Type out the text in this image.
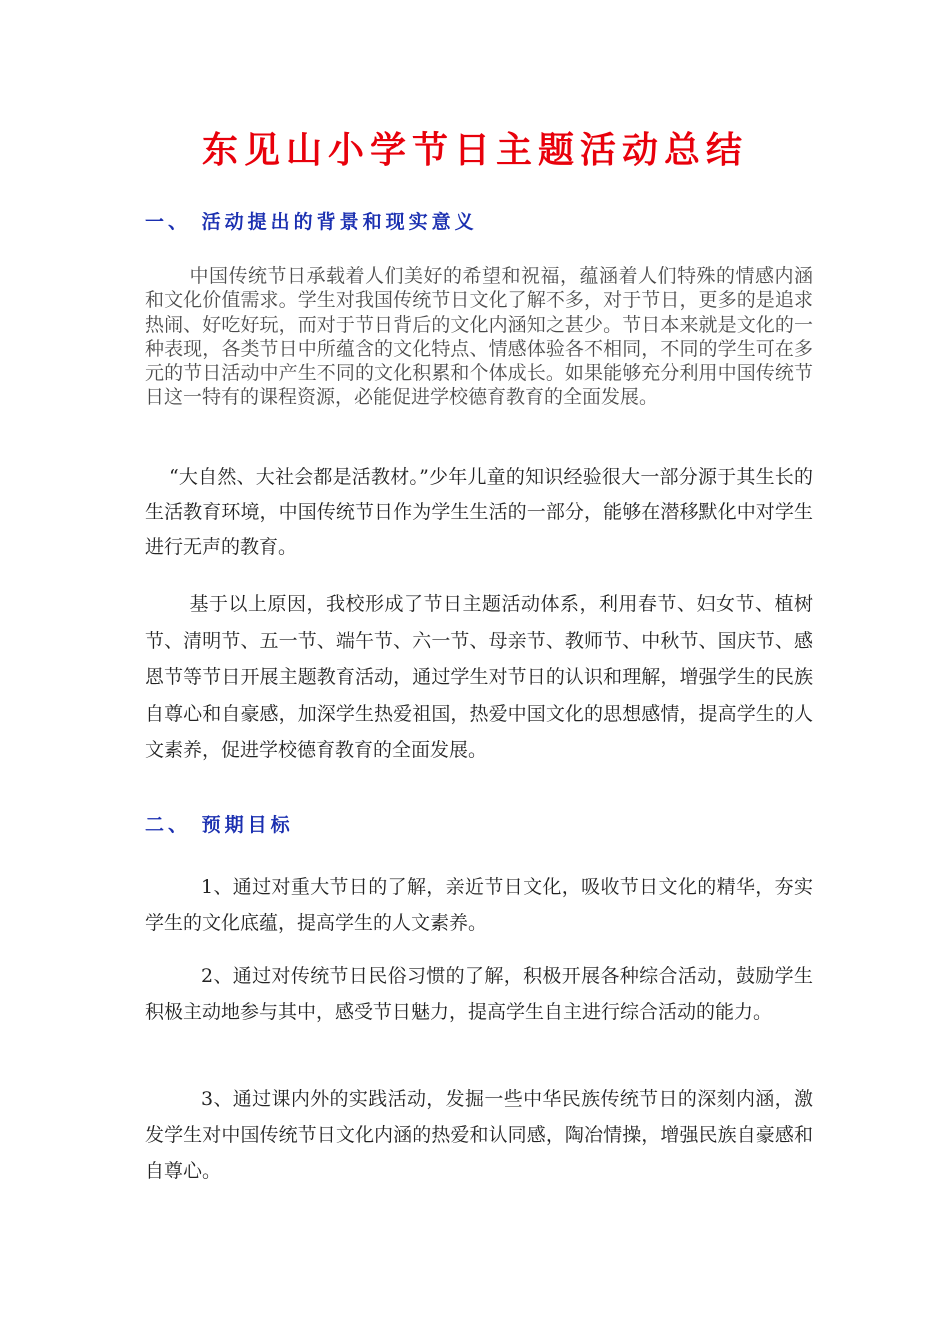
东见山小学节日主题活动总结
一、 活动提出的背景和现实意义

中国传统节日承载着人们美好的希望和祝福，蕴涵着人们特殊的情感内涵和文化价值需求。学生对我国传统节日文化了解不多，对于节日，更多的是追求热闹、好吃好玩，而对于节日背后的文化内涵知之甚少。节日本来就是文化的一种表现，各类节日中所蕴含的文化特点、情感体验各不相同，不同的学生可在多元的节日活动中产生不同的文化积累和个体成长。如果能够充分利用中国传统节日这一特有的课程资源，必能促进学校德育教育的全面发展。

“大自然、大社会都是活教材。”少年儿童的知识经验很大一部分源于其生长的生活教育环境，中国传统节日作为学生生活的一部分，能够在潜移默化中对学生进行无声的教育。

基于以上原因，我校形成了节日主题活动体系，利用春节、妇女节、植树节、清明节、五一节、端午节、六一节、母亲节、教师节、中秋节、国庆节、感恩节等节日开展主题教育活动，通过学生对节日的认识和理解，增强学生的民族自尊心和自豪感，加深学生热爱祖国，热爱中国文化的思想感情，提高学生的人文素养，促进学校德育教育的全面发展。

二、 预期目标

1、通过对重大节日的了解，亲近节日文化，吸收节日文化的精华，夯实学生的文化底蕴，提高学生的人文素养。

2、通过对传统节日民俗习惯的了解，积极开展各种综合活动，鼓励学生积极主动地参与其中，感受节日魅力，提高学生自主进行综合活动的能力。

3、通过课内外的实践活动，发掘一些中华民族传统节日的深刻内涵，激发学生对中国传统节日文化内涵的热爱和认同感，陶冶情操，增强民族自豪感和自尊心。
